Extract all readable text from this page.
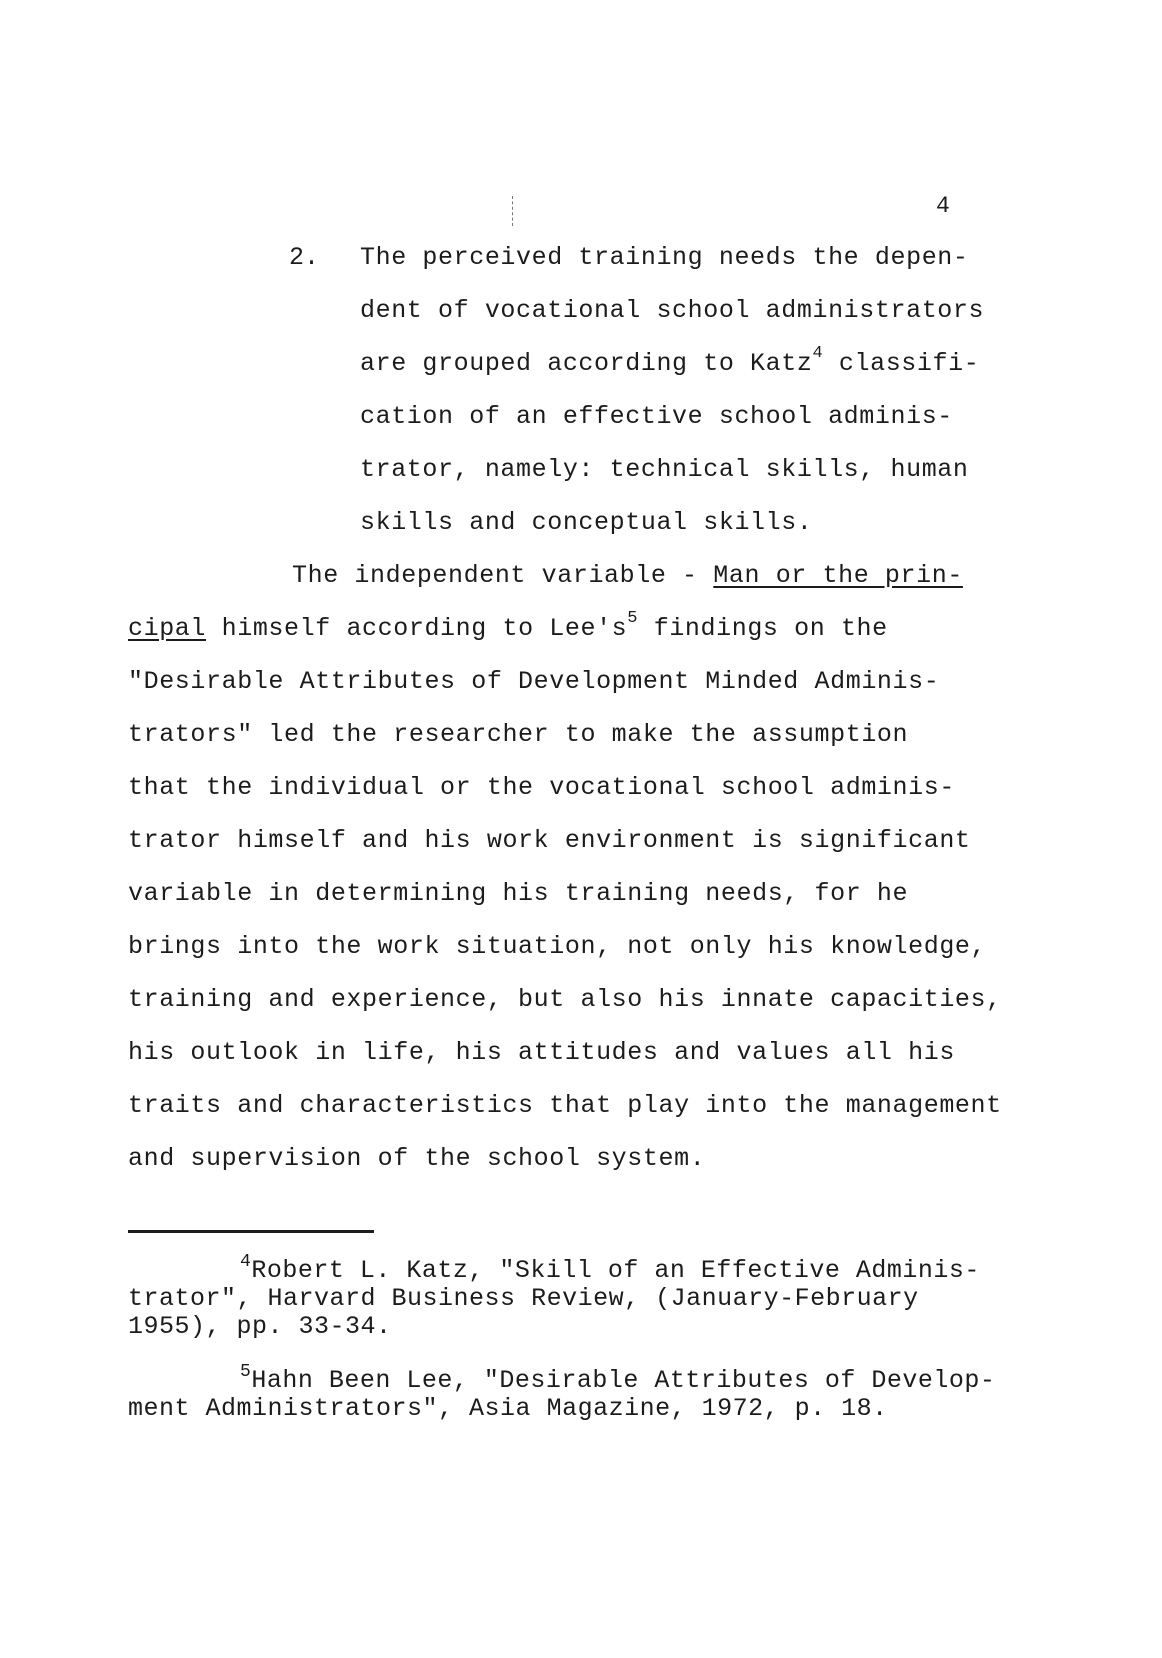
4
2. The perceived training needs the depen-
dent of vocational school administrators
are grouped according to Katz$^4$ classifi-
cation of an effective school adminis-
trator, namely: technical skills, human
skills and conceptual skills.
The independent variable - Man or the prin-
cipal himself according to $Lee's^5$ findings on the
"Desirable Attributes of Development Minded Adminis-
trators" led the researcher to make the assumption
that the individual or the vocational school adminis-
trator himself and his work environment is significant
variable in determining his training needs, for he
brings into the work situation, not only his knowledge,
training and experience, but also his innate capacities,
his outlook in life, his attitudes and values all his
traits and characteristics that play into the management
and supervision of the school system.
$^4$Robert L. Katz, "Skill of an Effective Adminis-
trator", Harvard Business Review, (January-February
1955), pp. 33-34.
$^5$Hahn Been Lee, "Desirable Attributes of Develop-
ment Administrators", Asia Magazine, 1972, p. 18.
